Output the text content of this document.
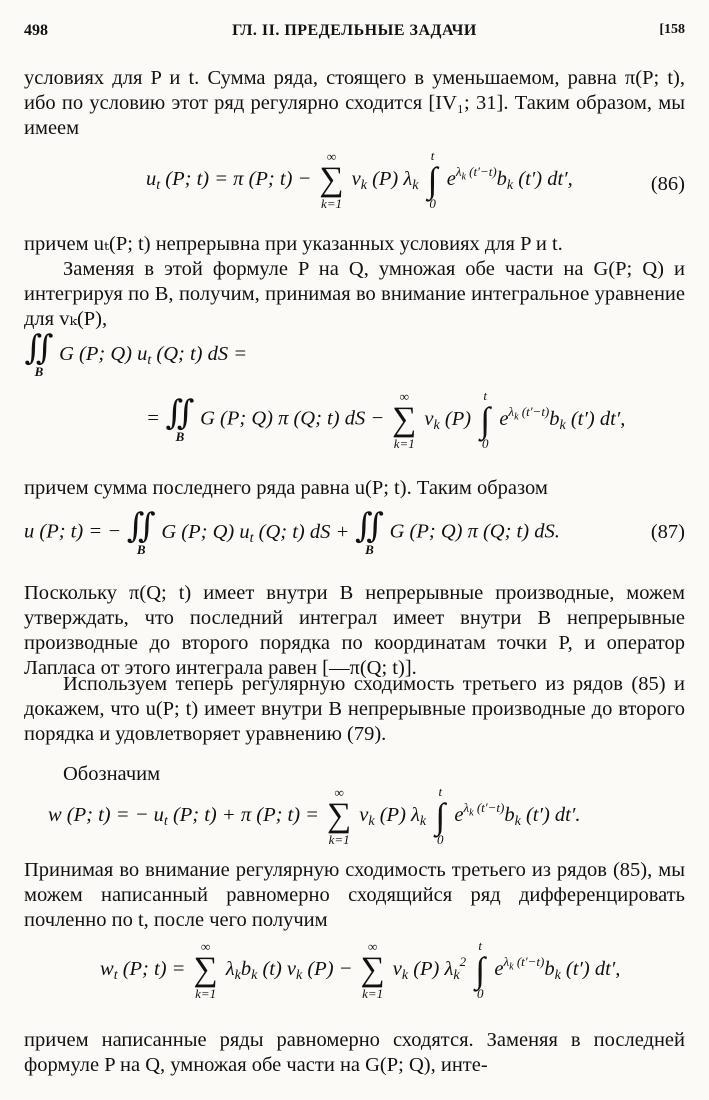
498	ГЛ. II. ПРЕДЕЛЬНЫЕ ЗАДАЧИ	[158
условиях для P и t. Сумма ряда, стоящего в уменьшаемом, равна π(P; t), ибо по условию этот ряд регулярно сходится [IV₁; 31]. Таким образом, мы имеем
$u_t$ (P; t) = π (P; t) −
∞
∑
k=1
$v_k$ (P) $\lambda_k$
t
∫
0
$e^{\lambda_k (t'-t)}b_k$ (t′) dt′,	(86)
причем uₜ(P; t) непрерывна при указанных условиях для P и t.
Заменяя в этой формуле P на Q, умножая обе части на G(P; Q) и интегрируя по B, получим, принимая во внимание интегральное уравнение для vₖ(P),
∬
B
G (P; Q) $u_t$ (Q; t) dS =
= ∬
B
G (P; Q) π (Q; t) dS −
∞
∑
k=1
$v_k$ (P)
t
∫
0
$e^{\lambda_k (t'-t)}b_k$ (t′) dt′,
причем сумма последнего ряда равна u(P; t). Таким образом
u (P; t) = − ∬
B
G (P; Q) $u_t$ (Q; t) dS + ∬
B
G (P; Q) π (Q; t) dS.	(87)
Поскольку π(Q; t) имеет внутри B непрерывные производные, можем утверждать, что последний интеграл имеет внутри B непрерывные производные до второго порядка по координатам точки P, и оператор Лапласа от этого интеграла равен [—π(Q; t)].
Используем теперь регулярную сходимость третьего из рядов (85) и докажем, что u(P; t) имеет внутри B непрерывные производные до второго порядка и удовлетворяет уравнению (79).
Обозначим
w (P; t) = − $u_t$ (P; t) + π (P; t) =
∞
∑
k=1
$v_k$ (P) $\lambda_k$
t
∫
0
$e^{\lambda_k (t'-t)}b_k$ (t′) dt′.
Принимая во внимание регулярную сходимость третьего из рядов (85), мы можем написанный равномерно сходящийся ряд дифференцировать почленно по t, после чего получим
$w_t$ (P; t) =
∞
∑
k=1
$\lambda_kb_k$ (t) $v_k$ (P) −
∞
∑
k=1
$v_k$ (P) $\lambda_k^2$
t
∫
0
$e^{\lambda_k (t'-t)}b_k$ (t′) dt′,
причем написанные ряды равномерно сходятся. Заменяя в последней формуле P на Q, умножая обе части на G(P; Q), инте-
